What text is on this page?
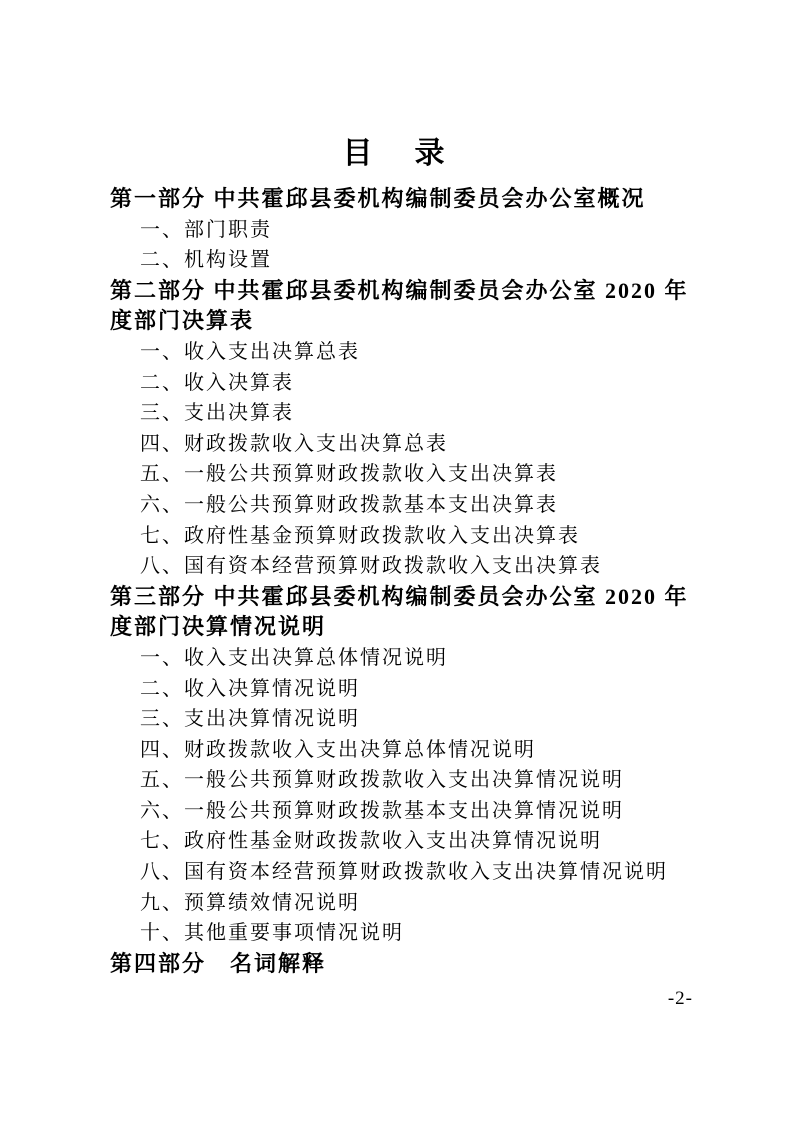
目　录
第一部分 中共霍邱县委机构编制委员会办公室概况
一、部门职责
二、机构设置
第二部分 中共霍邱县委机构编制委员会办公室 2020 年度部门决算表
一、收入支出决算总表
二、收入决算表
三、支出决算表
四、财政拨款收入支出决算总表
五、一般公共预算财政拨款收入支出决算表
六、一般公共预算财政拨款基本支出决算表
七、政府性基金预算财政拨款收入支出决算表
八、国有资本经营预算财政拨款收入支出决算表
第三部分 中共霍邱县委机构编制委员会办公室 2020 年度部门决算情况说明
一、收入支出决算总体情况说明
二、收入决算情况说明
三、支出决算情况说明
四、财政拨款收入支出决算总体情况说明
五、一般公共预算财政拨款收入支出决算情况说明
六、一般公共预算财政拨款基本支出决算情况说明
七、政府性基金财政拨款收入支出决算情况说明
八、国有资本经营预算财政拨款收入支出决算情况说明
九、预算绩效情况说明
十、其他重要事项情况说明
第四部分　名词解释
-2-
